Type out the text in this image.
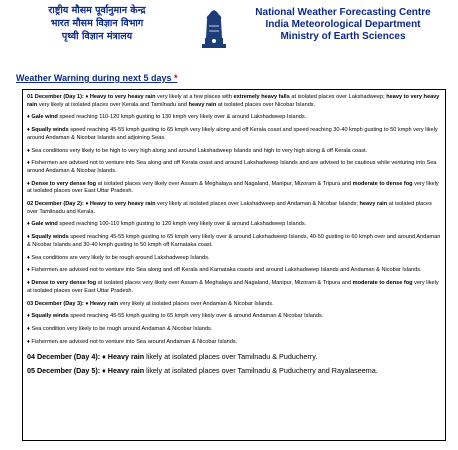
राष्ट्रीय मौसम पूर्वानुमान केन्द्र
भारत मौसम विज्ञान विभाग
पृथ्वी विज्ञान मंत्रालय
National Weather Forecasting Centre
India Meteorological Department
Ministry of Earth Sciences
Weather Warning during next 5 days *

01 December (Day 1): ♦ Heavy to very heavy rain very likely at a few places with extremely heavy falls at isolated places over Lakshadweep; heavy to very heavy rain very likely at isolated places over Kerala and Tamilnadu and heavy rain at isolated places over Nicobar Islands.

♦ Gale wind speed reaching 110-120 kmph gusting to 130 kmph very likely over & around Lakshadweep Islands.

♦ Squally winds speed reaching 45-55 kmph gusting to 65 kmph very likely along and off Kerala coast and speed reaching 30-40 kmph gusting to 50 kmph very likely around Andaman & Nicobar Islands and adjoining Seas.

♦ Sea conditions very likely to be high to very high along and around Lakshadweep Islands and high to very high along & off Kerala coast.

♦ Fishermen are advised not to venture into Sea along and off Kerala coast and around Lakshadweep Islands and are advised to be cautious while venturing into Sea around Andaman & Nicobar Islands.

♦ Dense to very dense fog at isolated places very likely over Assam & Meghalaya and Nagaland, Manipur, Mizoram & Tripura and moderate to dense fog very likely at isolated places over East Uttar Pradesh.

02 December (Day 2): ♦ Heavy to very heavy rain very likely at isolated places over Lakshadweep and Andaman & Nicobar Islands; heavy rain at isolated places over Tamilnadu and Kerala.

♦ Gale wind speed reaching 100-110 kmph gusting to 120 kmph very likely over & around Lakshadweep Islands.

♦ Squally winds speed reaching 45-55 kmph gusting to 65 kmph very likely over & around Lakshadweep Islands, 40-50 gusting to 60 kmph over and around Andaman & Nicobar Islands and 30-40 kmph gusting to 50 kmph off Karnataka coast.

♦ Sea conditions are very likely to be rough around Lakshadweep Islands.

♦ Fishermen are advised not to venture into Sea along and off Kerala and Karnataka coasts and around Lakshadweep Islands and Andaman & Nicobar Islands.

♦ Dense to very dense fog at isolated places very likely over Assam & Meghalaya and Nagaland, Manipur, Mizoram & Tripura and moderate to dense fog very likely at isolated places over East Uttar Pradesh.

03 December (Day 3): ♦ Heavy rain very likely at isolated places over Andaman & Nicobar Islands.

♦ Squally winds speed reaching 45-55 kmph gusting to 65 kmph very likely over & around Andaman & Nicobar Islands.

♦ Sea condition very likely to be rough around Andaman & Nicobar Islands.

♦ Fishermen are advised not to venture into Sea around Andaman & Nicobar Islands.

04 December (Day 4): ♦ Heavy rain likely at isolated places over Tamilnadu & Puducherry.

05 December (Day 5): ♦ Heavy rain likely at isolated places over Tamilnadu & Puducherry and Rayalaseema.
